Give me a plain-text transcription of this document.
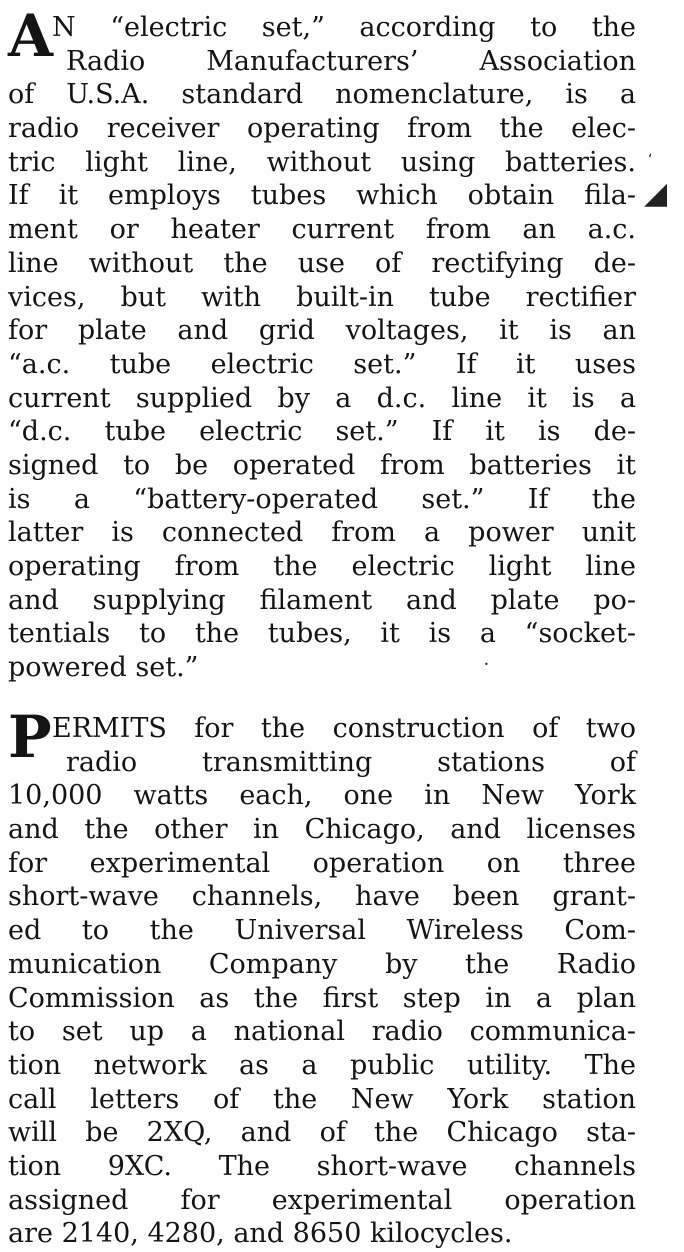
A
N “electric set,” according to the
Radio Manufacturers’ Association
of U.S.A. standard nomenclature, is a
radio receiver operating from the elec-
tric light line, without using batteries.
If it employs tubes which obtain fila-
ment or heater current from an a.c.
line without the use of rectifying de-
vices, but with built-in tube rectifier
for plate and grid voltages, it is an
“a.c. tube electric set.” If it uses
current supplied by a d.c. line it is a
“d.c. tube electric set.” If it is de-
signed to be operated from batteries it
is a “battery-operated set.” If the
latter is connected from a power unit
operating from the electric light line
and supplying filament and plate po-
tentials to the tubes, it is a “socket-
powered set.”
P ERMITS for the construction of two
radio transmitting stations of
10,000 watts each, one in New York
and the other in Chicago, and licenses
for experimental operation on three
short-wave channels, have been grant-
ed to the Universal Wireless Com-
munication Company by the Radio
Commission as the first step in a plan
to set up a national radio communica-
tion network as a public utility. The
call letters of the New York station
will be 2XQ, and of the Chicago sta-
tion 9XC. The short-wave channels
assigned for experimental operation
are 2140, 4280, and 8650 kilocycles.
‘
◢
•
